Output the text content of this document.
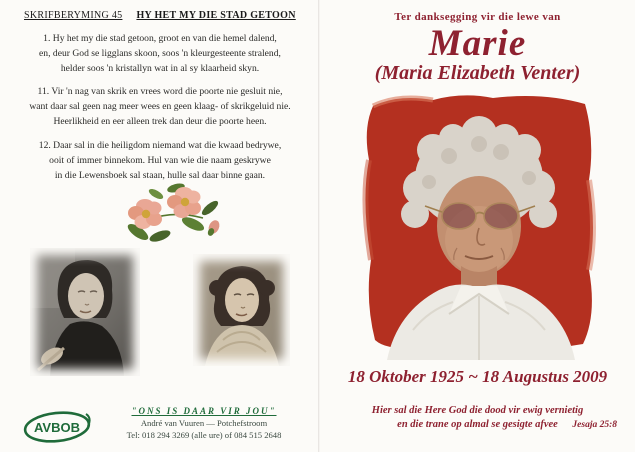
SKRIFBERYMING 45 HY HET MY DIE STAD GETOON
1. Hy het my die stad getoon, groot en van die hemel dalend,
en, deur God se ligglans skoon, soos 'n kleurgesteente stralend,
helder soos 'n kristallyn wat in al sy klaarheid skyn.
11. Vir 'n nag van skrik en vrees word die poorte nie gesluit nie,
want daar sal geen nag meer wees en geen klaag- of skrikgeluid nie.
Heerlikheid en eer alleen trek dan deur die poorte heen.
12. Daar sal in die heiligdom niemand wat die kwaad bedrywe,
ooit of immer binnekom. Hul van wie die naam geskrywe
in die Lewensboek sal staan, hulle sal daar binne gaan.
AVBOB
"ONS IS DAAR VIR JOU"
André van Vuuren — Potchefstroom
Tel: 018 294 3269 (alle ure) of 084 515 2648
Ter danksegging vir die lewe van
Marie
(Maria Elizabeth Venter)
18 Oktober 1925 ~ 18 Augustus 2009
Hier sal die Here God die dood vir ewig vernietig
en die trane op almal se gesigte afvee	Jesaja 25:8
